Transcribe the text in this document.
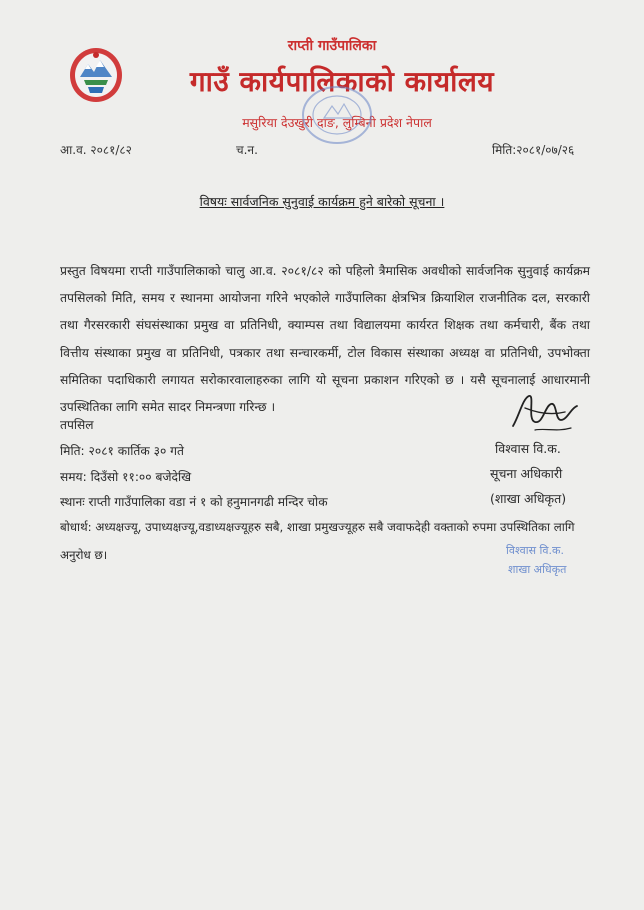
राप्ती गाउँपालिका
गाउँ कार्यपालिकाको कार्यालय
मसुरिया देउखुरी दाङ, लुम्बिनी प्रदेश नेपाल
आ.व. २०८१/८२	च.न.	मिति:२०८१/०७/२६
विषयः सार्वजनिक सुनुवाई कार्यक्रम हुने बारेको सूचना ।
प्रस्तुत विषयमा राप्ती गाउँपालिकाको चालु आ.व. २०८१/८२ को पहिलो त्रैमासिक अवधीको सार्वजनिक सुनुवाई कार्यक्रम तपसिलको मिति, समय र स्थानमा आयोजना गरिने भएकोले गाउँपालिका क्षेत्रभित्र क्रियाशिल राजनीतिक दल, सरकारी तथा गैरसरकारी संघसंस्थाका प्रमुख वा प्रतिनिधी, क्याम्पस तथा विद्यालयमा कार्यरत शिक्षक तथा कर्मचारी, बैंक तथा वित्तीय संस्थाका प्रमुख वा प्रतिनिधी, पत्रकार तथा सन्चारकर्मी, टोल विकास संस्थाका अध्यक्ष वा प्रतिनिधी, उपभोक्ता समितिका पदाधिकारी लगायत सरोकारवालाहरुका लागि यो सूचना प्रकाशन गरिएको छ । यसै सूचनालाई आधारमानी उपस्थितिका लागि समेत सादर निमन्त्रणा गरिन्छ ।
तपसिल
मिति: २०८१ कार्तिक ३० गते
समय: दिउँसो ११:०० बजेदेखि
स्थानः राप्ती गाउँपालिका वडा नं १ को हनुमानगढी मन्दिर चोक
बोधार्थ: अध्यक्षज्यू, उपाध्यक्षज्यू,वडाध्यक्षज्यूहरु सबै, शाखा प्रमुखज्यूहरु सबै जवाफदेही वक्ताको रुपमा उपस्थितिका लागि अनुरोध छ।
विश्वास वि.क.
सूचना अधिकारी
(शाखा अधिकृत)
विश्वास वि.क.
शाखा अधिकृत
